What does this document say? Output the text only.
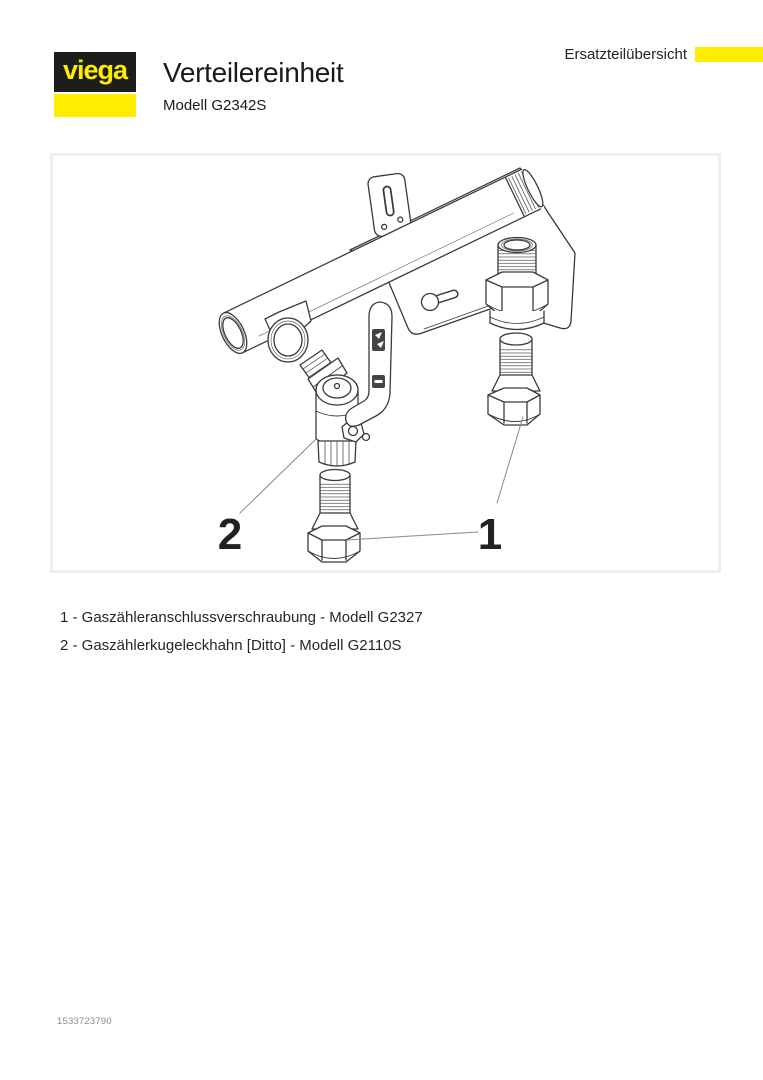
viega Verteilereinheit
Modell G2342S
Ersatzteilübersicht
2	1
1 - Gaszähleranschlussverschraubung - Modell G2327
2 - Gaszählerkugeleckhahn [Ditto] - Modell G2110S
1533723790
